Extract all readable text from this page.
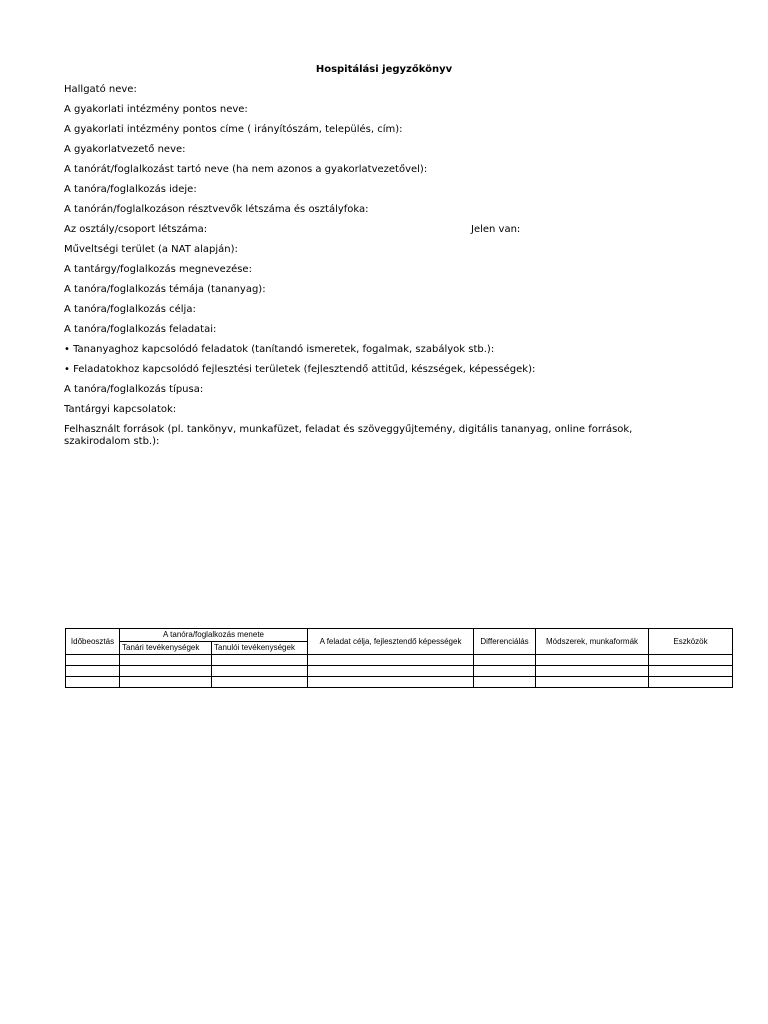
Hospitálási jegyzőkönyv
Hallgató neve:
A gyakorlati intézmény pontos neve:
A gyakorlati intézmény pontos címe ( irányítószám, település, cím):
A gyakorlatvezető neve:
A tanórát/foglalkozást tartó neve (ha nem azonos a gyakorlatvezetővel):
A tanóra/foglalkozás ideje:
A tanórán/foglalkozáson résztvevők létszáma és osztályfoka:
Az osztály/csoport létszáma:	Jelen van:
Műveltségi terület (a NAT alapján):
A tantárgy/foglalkozás megnevezése:
A tanóra/foglalkozás témája (tananyag):
A tanóra/foglalkozás célja:
A tanóra/foglalkozás feladatai:
• Tananyaghoz kapcsolódó feladatok (tanítandó ismeretek, fogalmak, szabályok stb.):
• Feladatokhoz kapcsolódó fejlesztési területek (fejlesztendő attitűd, készségek, képességek):
A tanóra/foglalkozás típusa:
Tantárgyi kapcsolatok:
Felhasznált források (pl. tankönyv, munkafüzet, feladat és szöveggyűjtemény, digitális tananyag, online források, szakirodalom stb.):
Időbeosztás	A tanóra/foglalkozás menete		A feladat célja, fejlesztendő képességek	Differenciálás	Módszerek, munkaformák	Eszközök
	Tanári tevékenységek	Tanulói tevékenységek				
